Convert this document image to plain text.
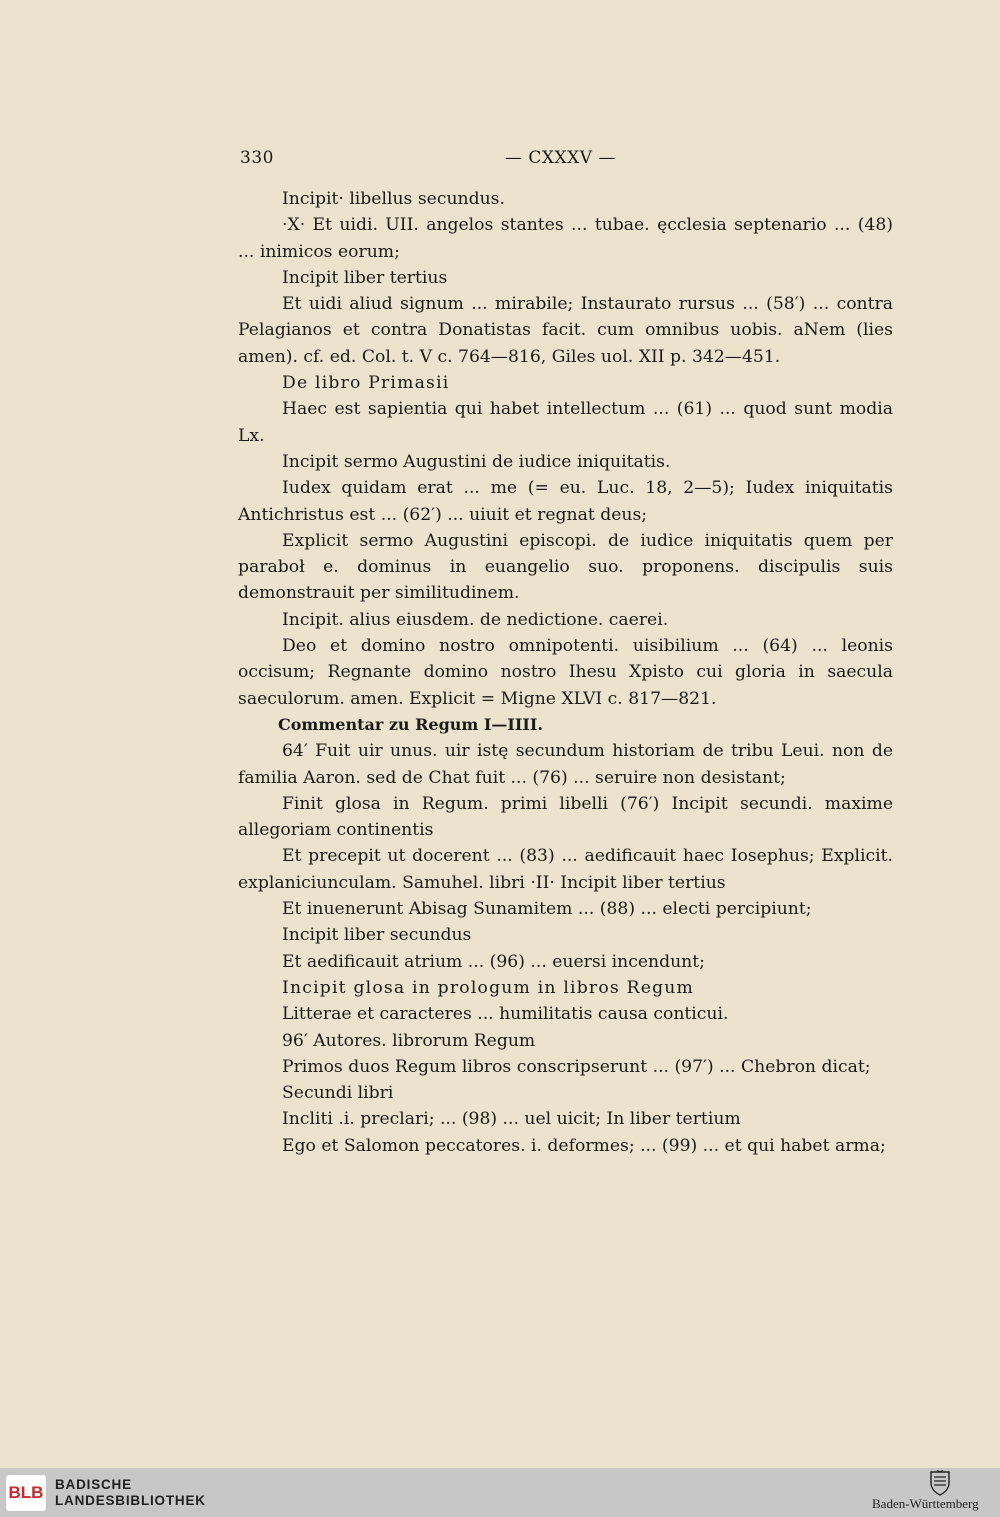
330	— CXXXV —

Incipit· libellus secundus.

·X· Et uidi. UII. angelos stantes ... tubae. ęcclesia septenario ... (48) ... inimicos eorum;

Incipit liber tertius

Et uidi aliud signum ... mirabile; Instaurato rursus ... (58′) ... contra Pelagianos et contra Donatistas facit. cum omnibus uobis. aNem (lies amen). cf. ed. Col. t. V c. 764—816, Giles uol. XII p. 342—451.

De libro Primasii

Haec est sapientia qui habet intellectum ... (61) ... quod sunt modia Lx.

Incipit sermo Augustini de iudice iniquitatis.

Iudex quidam erat ... me (= eu. Luc. 18, 2—5); Iudex iniquitatis Antichristus est ... (62′) ... uiuit et regnat deus;

Explicit sermo Augustini episcopi. de iudice iniquitatis quem per paraboł e. dominus in euangelio suo. proponens. discipulis suis demonstrauit per similitudinem.

Incipit. alius eiusdem. de nedictione. caerei.

Deo et domino nostro omnipotenti. uisibilium ... (64) ... leonis occisum; Regnante domino nostro Ihesu Xpisto cui gloria in saecula saeculorum. amen. Explicit = Migne XLVI c. 817—821.

Commentar zu Regum I—IIII.

64′ Fuit uir unus. uir istę secundum historiam de tribu Leui. non de familia Aaron. sed de Chat fuit ... (76) ... seruire non desistant;

Finit glosa in Regum. primi libelli (76′) Incipit secundi. maxime allegoriam continentis

Et precepit ut docerent ... (83) ... aedificauit haec Iosephus; Explicit. explaniciunculam. Samuhel. libri ·II· Incipit liber tertius

Et inuenerunt Abisag Sunamitem ... (88) ... electi percipiunt;

Incipit liber secundus

Et aedificauit atrium ... (96) ... euersi incendunt;

Incipit glosa in prologum in libros Regum

Litterae et caracteres ... humilitatis causa conticui.

96′ Autores. librorum Regum

Primos duos Regum libros conscripserunt ... (97′) ... Chebron dicat;

Secundi libri

Incliti .i. preclari; ... (98) ... uel uicit; In liber tertium

Ego et Salomon peccatores. i. deformes; ... (99) ... et qui habet arma;

BLB BADISCHE
LANDESBIBLIOTHEK	Baden-Württemberg
